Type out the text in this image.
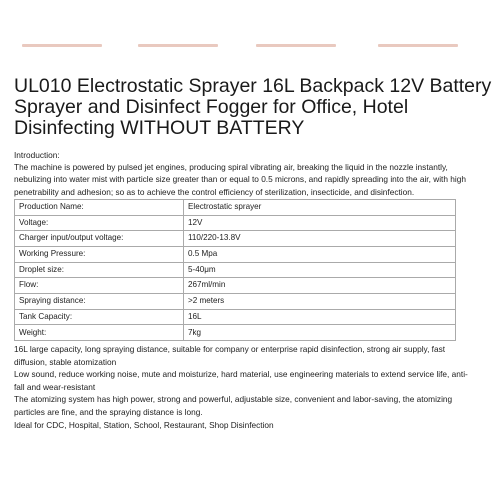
UL010 Electrostatic Sprayer 16L Backpack 12V Battery
Sprayer and Disinfect Fogger for Office, Hotel
Disinfecting WITHOUT BATTERY
Introduction:
The machine is powered by pulsed jet engines, producing spiral vibrating air, breaking the liquid in the nozzle instantly,
nebulizing into water mist with particle size greater than or equal to 0.5 microns, and rapidly spreading into the air, with high
penetrability and adhesion; so as to achieve the control efficiency of sterilization, insecticide, and disinfection.
Production Name:	Electrostatic sprayer
Voltage:	12V
Charger input/output voltage:	110/220-13.8V
Working Pressure:	0.5 Mpa
Droplet size:	5-40μm
Flow:	267ml/min
Spraying distance:	>2 meters
Tank Capacity:	16L
Weight:	7kg
16L large capacity, long spraying distance, suitable for company or enterprise rapid disinfection, strong air supply, fast
diffusion, stable atomization
Low sound, reduce working noise, mute and moisturize, hard material, use engineering materials to extend service life, anti-
fall and wear-resistant
The atomizing system has high power, strong and powerful, adjustable size, convenient and labor-saving, the atomizing
particles are fine, and the spraying distance is long.
Ideal for CDC, Hospital, Station, School, Restaurant, Shop Disinfection
